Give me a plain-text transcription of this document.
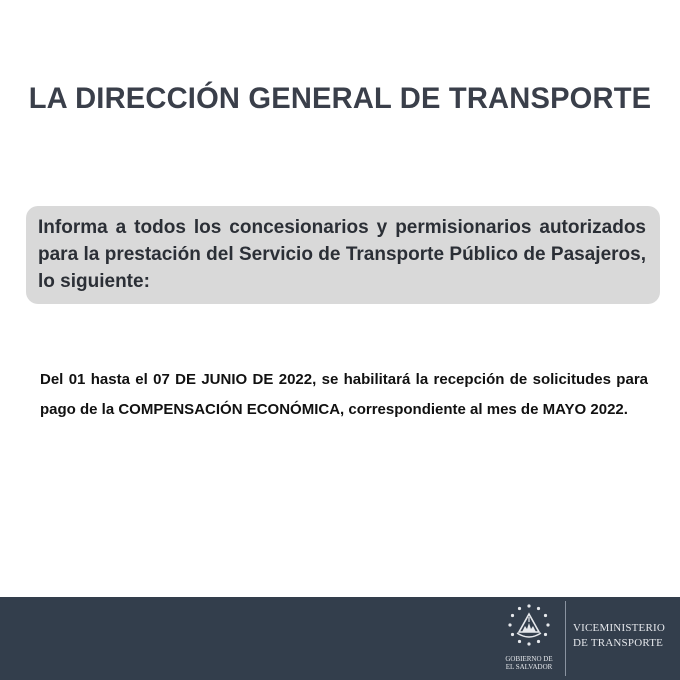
LA DIRECCIÓN GENERAL DE TRANSPORTE

Informa a todos los concesionarios y permisionarios autorizados para la prestación del Servicio de Transporte Público de Pasajeros, lo siguiente:

Del 01 hasta el 07 DE JUNIO DE 2022, se habilitará la recepción de solicitudes para pago de la COMPENSACIÓN ECONÓMICA, correspondiente al mes de MAYO 2022.

GOBIERNO DE
EL SALVADOR
VICEMINISTERIO
DE TRANSPORTE
